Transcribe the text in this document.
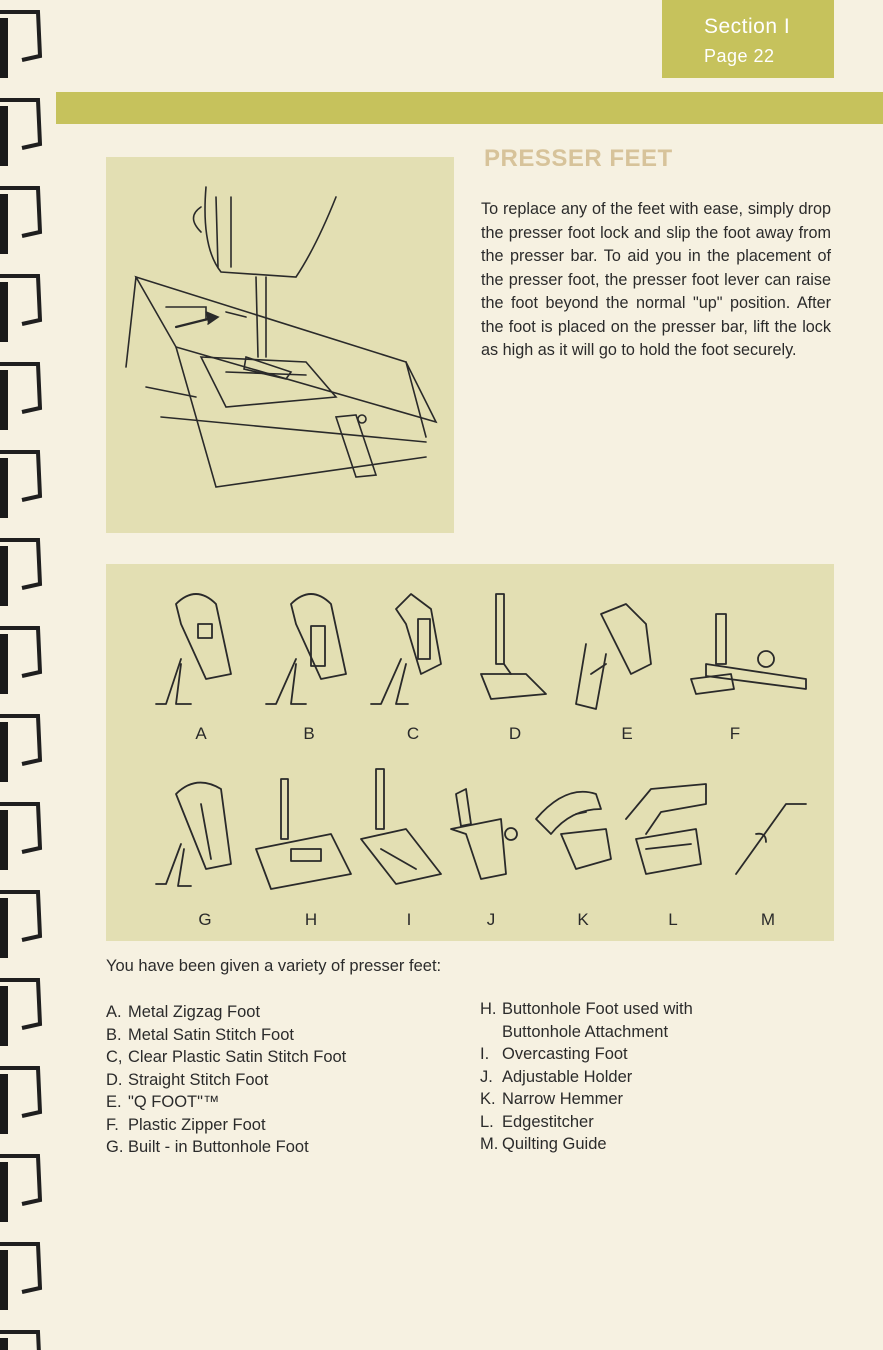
Section I
Page 22
PRESSER FEET

To replace any of the feet with ease, simply drop the presser foot lock and slip the foot away from the presser bar. To aid you in the placement of the presser foot, the presser foot lever can raise the foot beyond the normal "up" position. After the foot is placed on the presser bar, lift the lock as high as it will go to hold the foot securely.

A	B	C	D	E	F
G	H	I	J	K	L	M

You have been given a variety of presser feet:

A. Metal Zigzag Foot
B. Metal Satin Stitch Foot
C, Clear Plastic Satin Stitch Foot
D. Straight Stitch Foot
E. "Q FOOT"™
F. Plastic Zipper Foot
G. Built - in Buttonhole Foot
H. Buttonhole Foot used with
Buttonhole Attachment
I. Overcasting Foot
J. Adjustable Holder
K. Narrow Hemmer
L. Edgestitcher
M. Quilting Guide
